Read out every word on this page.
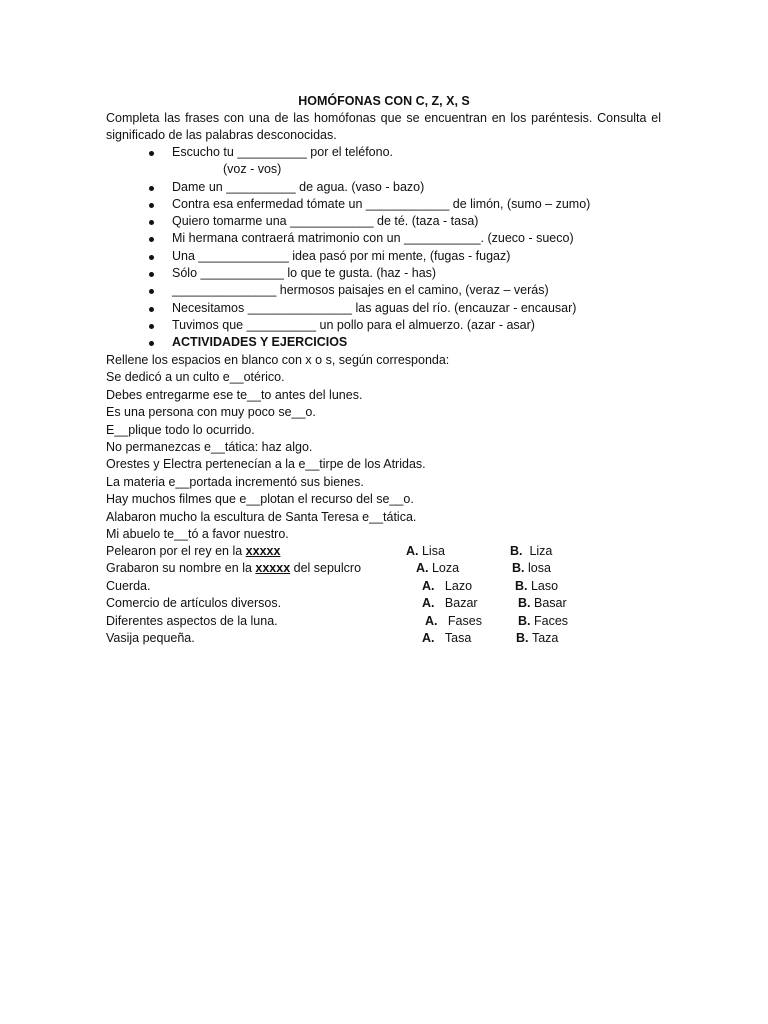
HOMÓFONAS CON C, Z, X, S
Completa las frases con una de las homófonas que se encuentran en los paréntesis. Consulta el significado de las palabras desconocidas.
Escucho tu __________ por el teléfono.
(voz - vos)
Dame un __________ de agua. (vaso - bazo)
Contra esa enfermedad tómate un ____________ de limón, (sumo – zumo)
Quiero tomarme una ____________ de té. (taza - tasa)
Mi hermana contraerá matrimonio con un ___________. (zueco - sueco)
Una _____________ idea pasó por mi mente, (fugas - fugaz)
Sólo ____________ lo que te gusta. (haz - has)
_______________ hermosos paisajes en el camino, (veraz – verás)
Necesitamos _______________ las aguas del río. (encauzar - encausar)
Tuvimos que __________ un pollo para el almuerzo. (azar - asar)
ACTIVIDADES Y EJERCICIOS
Rellene los espacios en blanco con x o s, según corresponda:
Se dedicó a un culto e__otérico.
Debes entregarme ese te__to antes del lunes.
Es una persona con muy poco se__o.
E__plique todo lo ocurrido.
No permanezcas e__tática: haz algo.
Orestes y Electra pertenecían a la e__tirpe de los Atridas.
La materia e__portada incrementó sus bienes.
Hay muchos filmes que e__plotan el recurso del se__o.
Alabaron mucho la escultura de Santa Teresa e__tática.
Mi abuelo te__tó a favor nuestro.
Pelearon por el rey en la xxxxx	A. Lisa	B. Liza
Grabaron su nombre en la xxxxx del sepulcro	A. Loza	B. losa
Cuerda.	A. Lazo	B. Laso
Comercio de artículos diversos.	A. Bazar	B. Basar
Diferentes aspectos de la luna.	A. Fases	B. Faces
Vasija pequeña.	A. Tasa	B. Taza
